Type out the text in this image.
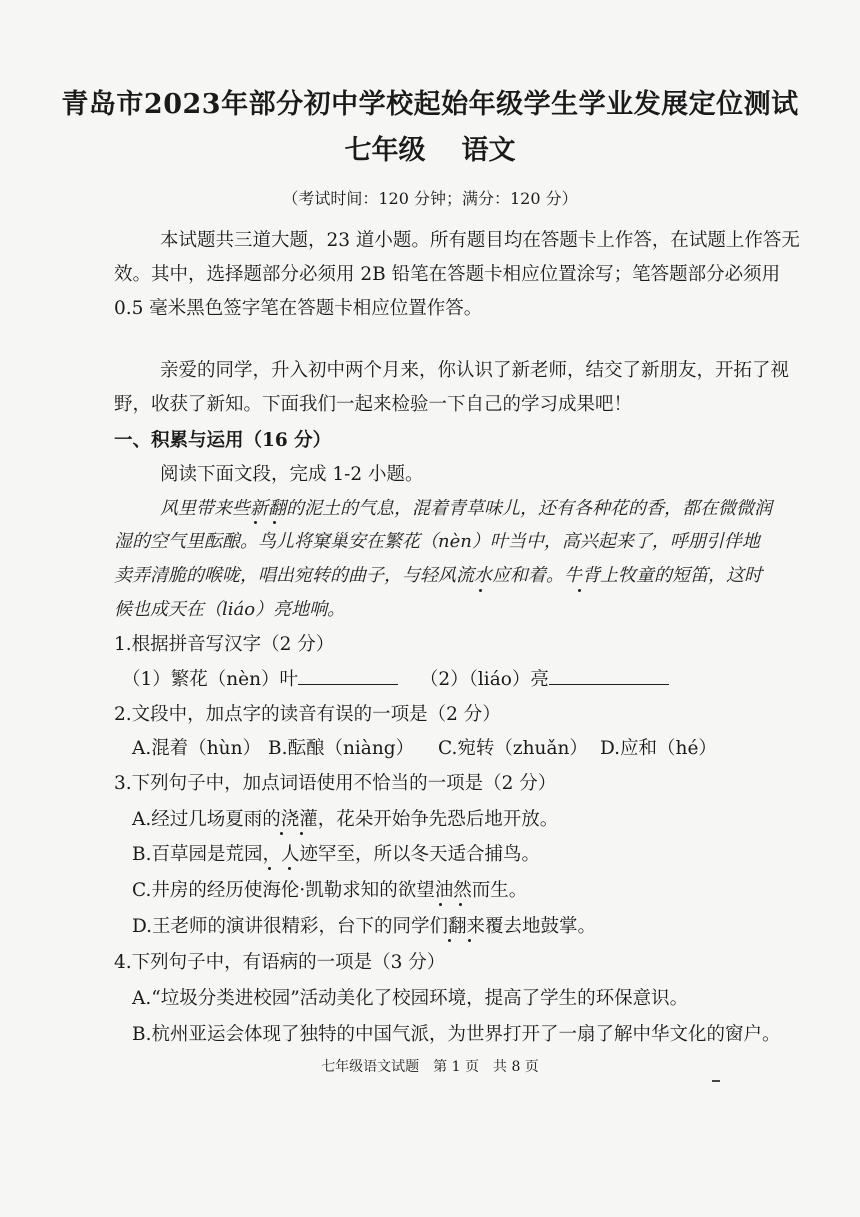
青岛市2023年部分初中学校起始年级学生学业发展定位测试
七年级 语文
（考试时间：120 分钟；满分：120 分）
本试题共三道大题，23 道小题。所有题目均在答题卡上作答，在试题上作答无
效。其中，选择题部分必须用 2B 铅笔在答题卡相应位置涂写；笔答题部分必须用
0.5 毫米黑色签字笔在答题卡相应位置作答。
亲爱的同学，升入初中两个月来，你认识了新老师，结交了新朋友，开拓了视
野，收获了新知。下面我们一起来检验一下自己的学习成果吧！
一、积累与运用（16 分）
阅读下面文段，完成 1-2 小题。
风里带来些新翻的泥土的气息，混着青草味儿，还有各种花的香，都在微微润
湿的空气里酝酿。鸟儿将窠巢安在繁花（nèn）叶当中，高兴起来了，呼朋引伴地
卖弄清脆的喉咙，唱出宛转的曲子，与轻风流水应和着。牛背上牧童的短笛，这时
候也成天在（liáo）亮地响。
1.根据拼音写汉字（2 分）
（1）繁花（nèn）叶	（2）（liáo）亮
2.文段中，加点字的读音有误的一项是（2 分）
A.混着（hùn） B.酝酿（niàng） C.宛转（zhuǎn） D.应和（hé）
3.下列句子中，加点词语使用不恰当的一项是（2 分）
A.经过几场夏雨的浇灌，花朵开始争先恐后地开放。
B.百草园是荒园，人迹罕至，所以冬天适合捕鸟。
C.井房的经历使海伦·凯勒求知的欲望油然而生。
D.王老师的演讲很精彩，台下的同学们翻来覆去地鼓掌。
4.下列句子中，有语病的一项是（3 分）
A.“垃圾分类进校园”活动美化了校园环境，提高了学生的环保意识。
B.杭州亚运会体现了独特的中国气派，为世界打开了一扇了解中华文化的窗户。
七年级语文试题　第 1 页　共 8 页
